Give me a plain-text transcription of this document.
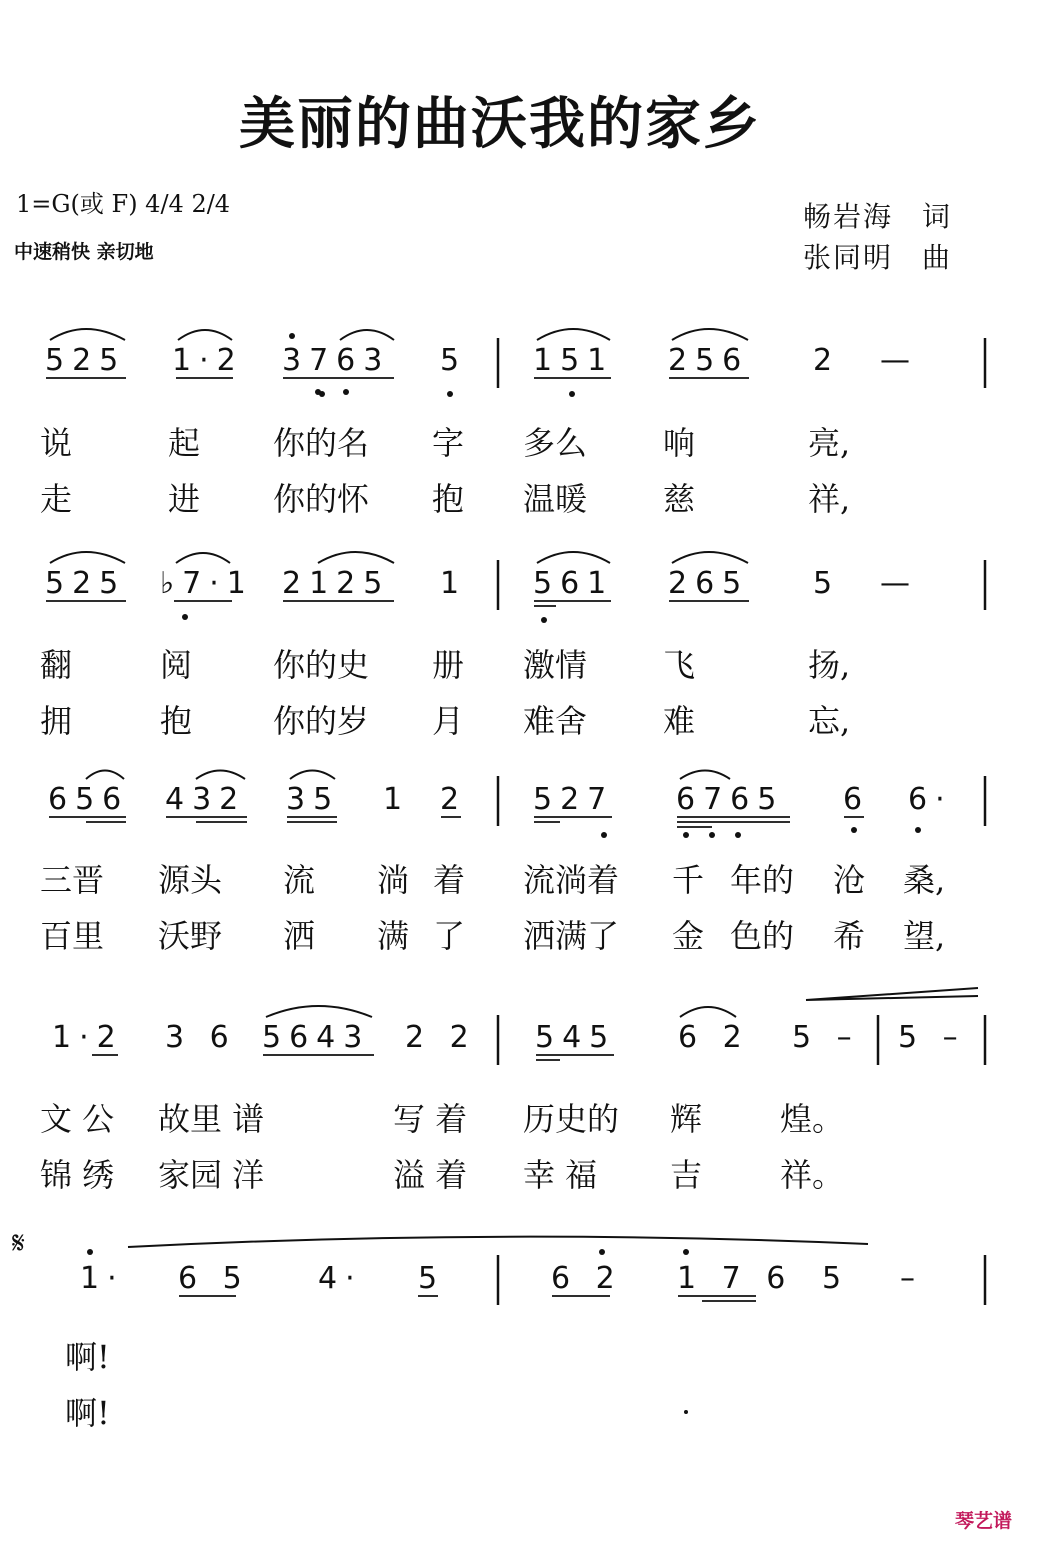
美丽的曲沃我的家乡
1=G(或 F) 4/4 2/4
中速稍快 亲切地
畅岩海 词
张同明 曲
525 1·2 3763 5 151 256 2 —
说	起 你的名 字 多么 响	亮,
走	进 你的怀 抱 温暖 慈	祥,
525 ♭7·1 2125 1 561 265 5 —
翻	阅	你的史 册 激情 飞	扬,
拥	抱	你的岁 月 难舍 难	忘,
656 432 35 1 2 527 6765 6 6·
三晋 源头 流 淌 着 流淌着 千 年的 沧 桑,
百里 沃野 洒 满 了 洒满了 金 色的 希 望,
1·2 3 6 5643 2 2 545 6 2 5 – 5 –
文 公 故里 谱	写 着 历史的 辉 煌。
锦 绣 家园 洋	溢 着 幸 福 吉 祥。
𝄋
1· 6 5 4· 5	6 2 1 7 6 5 –
啊!
啊!
琴艺谱
